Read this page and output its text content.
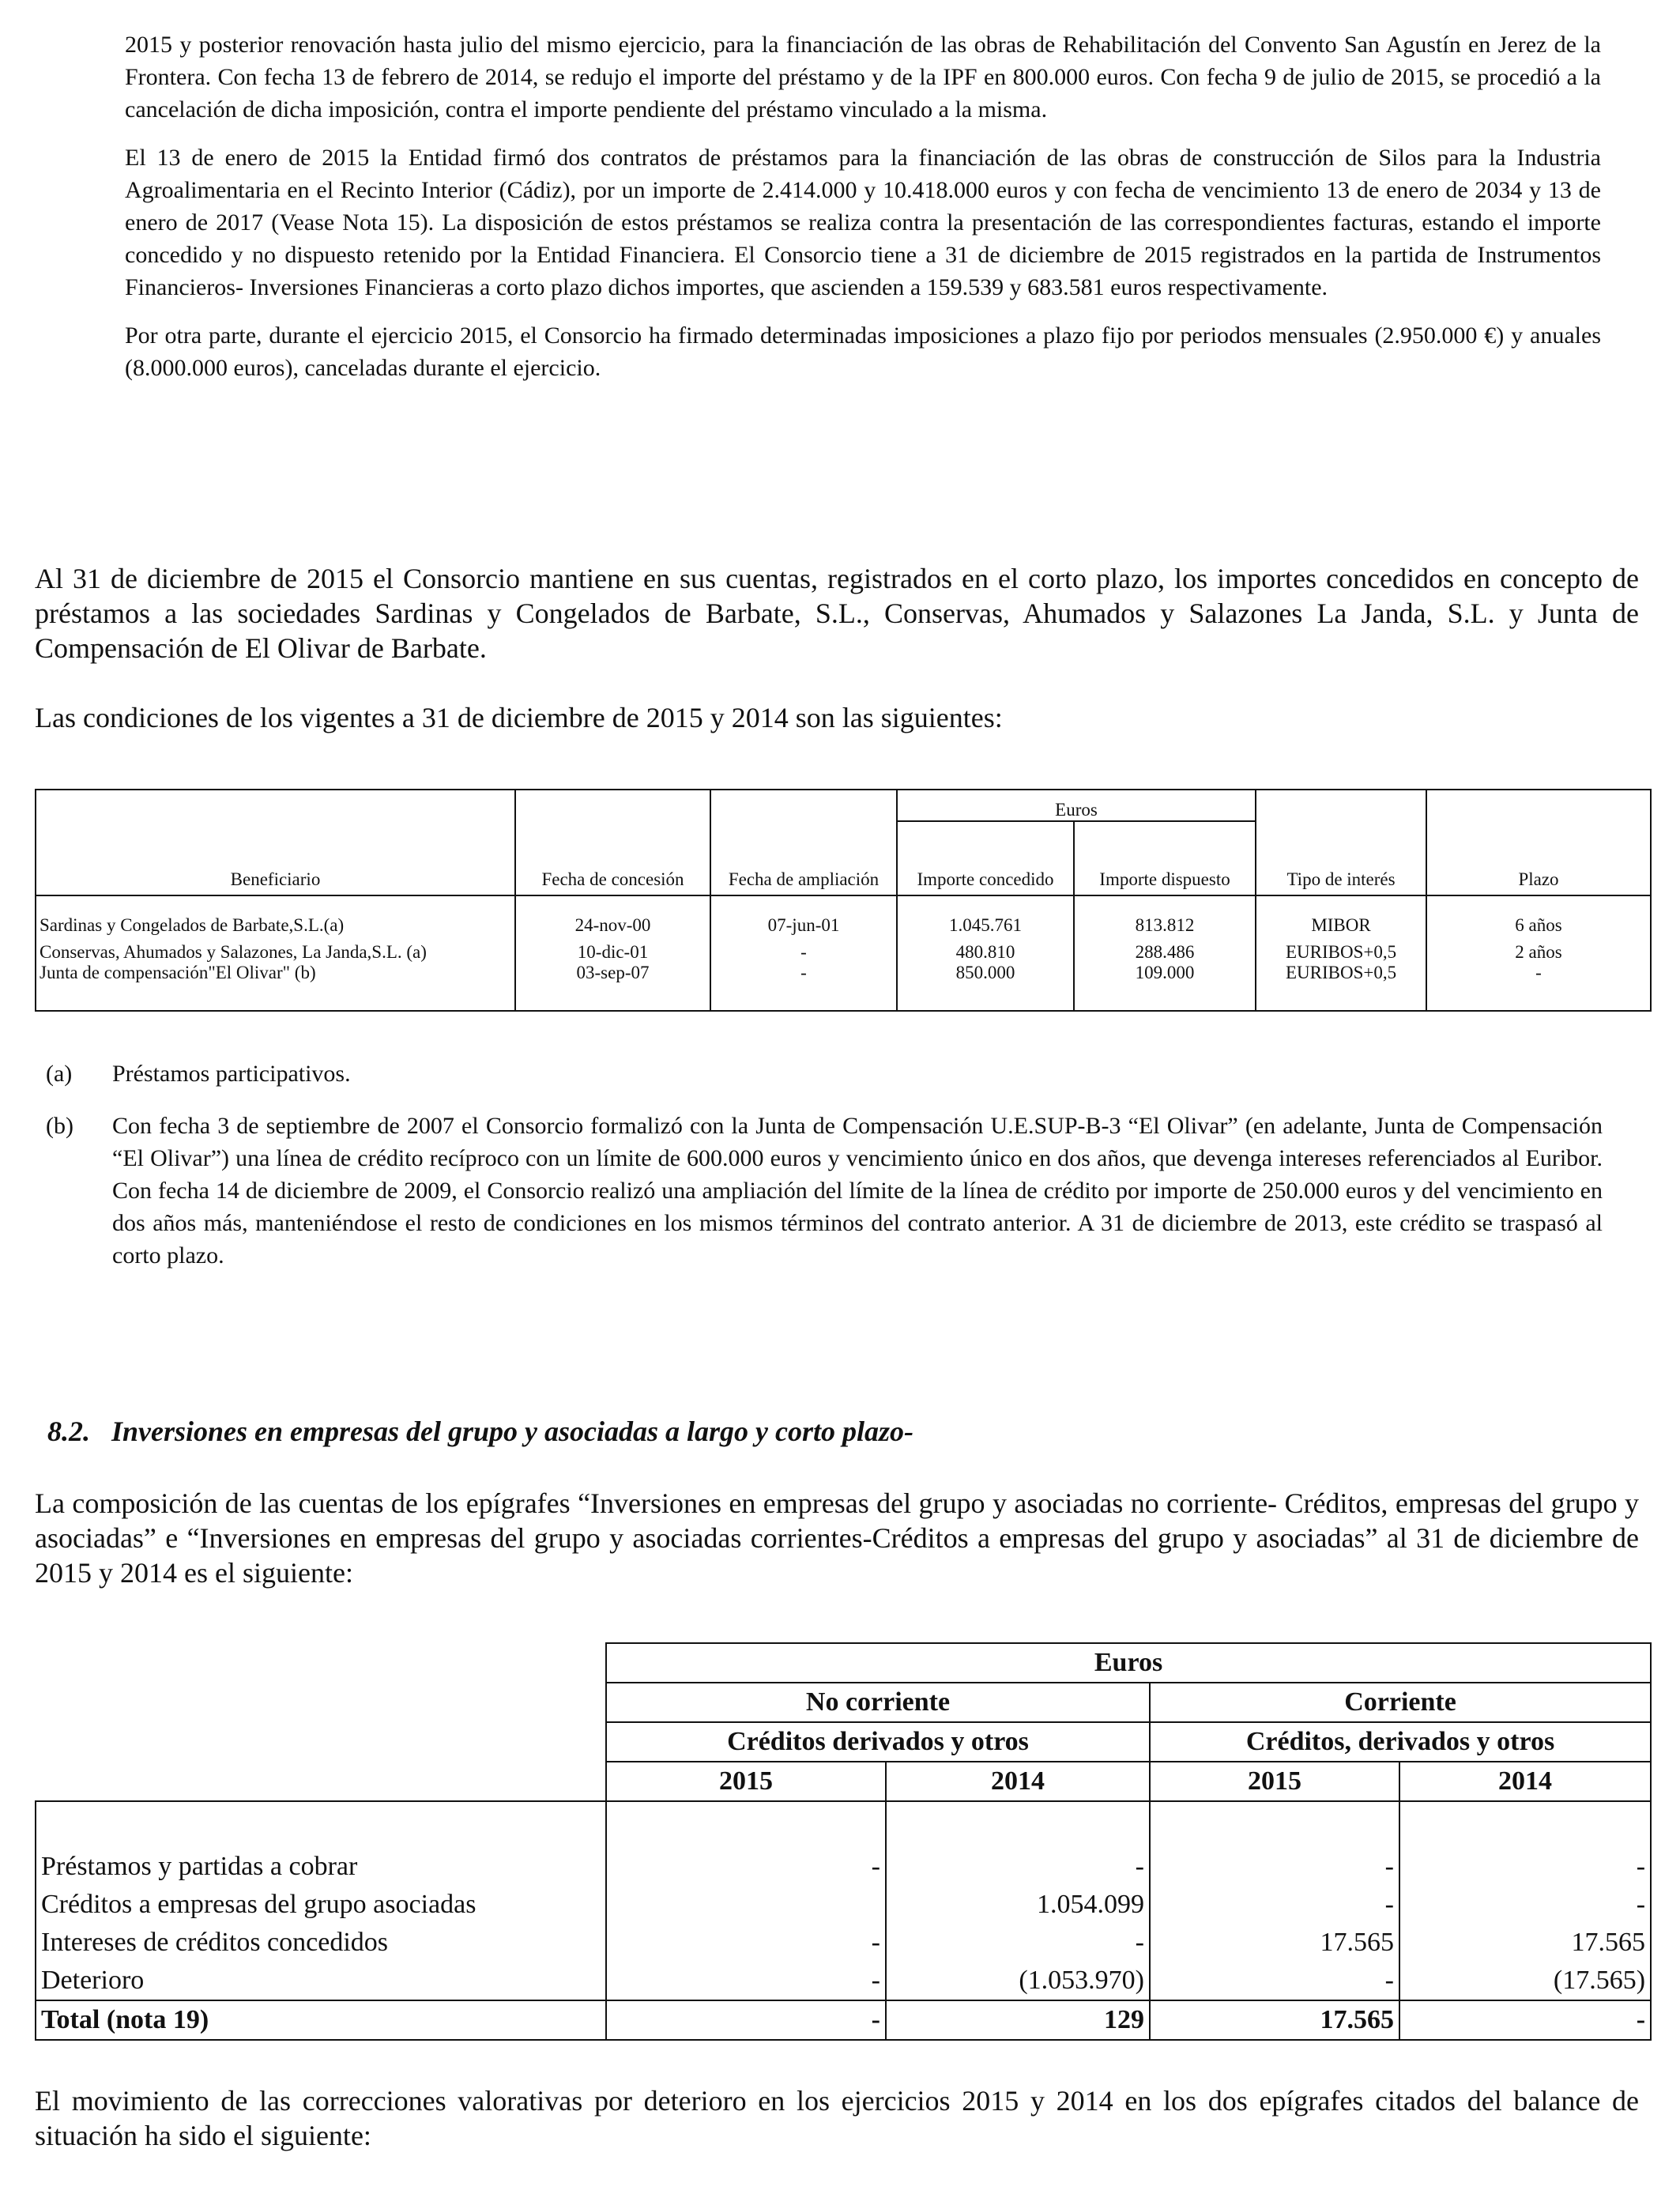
2015 y posterior renovación hasta julio del mismo ejercicio, para la financiación de las obras de Rehabilitación del Convento San Agustín en Jerez de la Frontera. Con fecha 13 de febrero de 2014, se redujo el importe del préstamo y de la IPF en 800.000 euros. Con fecha 9 de julio de 2015, se procedió a la cancelación de dicha imposición, contra el importe pendiente del préstamo vinculado a la misma.

El 13 de enero de 2015 la Entidad firmó dos contratos de préstamos para la financiación de las obras de construcción de Silos para la Industria Agroalimentaria en el Recinto Interior (Cádiz), por un importe de 2.414.000 y 10.418.000 euros y con fecha de vencimiento 13 de enero de 2034 y 13 de enero de 2017 (Vease Nota 15). La disposición de estos préstamos se realiza contra la presentación de las correspondientes facturas, estando el importe concedido y no dispuesto retenido por la Entidad Financiera. El Consorcio tiene a 31 de diciembre de 2015 registrados en la partida de Instrumentos Financieros- Inversiones Financieras a corto plazo dichos importes, que ascienden a 159.539 y 683.581 euros respectivamente.

Por otra parte, durante el ejercicio 2015, el Consorcio ha firmado determinadas imposiciones a plazo fijo por periodos mensuales (2.950.000 €) y anuales (8.000.000 euros), canceladas durante el ejercicio.

Al 31 de diciembre de 2015 el Consorcio mantiene en sus cuentas, registrados en el corto plazo, los importes concedidos en concepto de préstamos a las sociedades Sardinas y Congelados de Barbate, S.L., Conservas, Ahumados y Salazones La Janda, S.L. y Junta de Compensación de El Olivar de Barbate.

Las condiciones de los vigentes a 31 de diciembre de 2015 y 2014 son las siguientes:

Beneficiario	Fecha de concesión	Fecha de ampliación	Euros		Tipo de interés	Plazo
			Importe concedido	Importe dispuesto		
Sardinas y Congelados de Barbate,S.L.(a)	24-nov-00	07-jun-01	1.045.761	813.812	MIBOR	6 años
Conservas, Ahumados y Salazones, La Janda,S.L. (a)	10-dic-01	-	480.810	288.486	EURIBOS+0,5	2 años
Junta de compensación"El Olivar" (b)	03-sep-07	-	850.000	109.000	EURIBOS+0,5	-
(a) Préstamos participativos.

(b) Con fecha 3 de septiembre de 2007 el Consorcio formalizó con la Junta de Compensación U.E.SUP-B-3 “El Olivar” (en adelante, Junta de Compensación “El Olivar”) una línea de crédito recíproco con un límite de 600.000 euros y vencimiento único en dos años, que devenga intereses referenciados al Euribor. Con fecha 14 de diciembre de 2009, el Consorcio realizó una ampliación del límite de la línea de crédito por importe de 250.000 euros y del vencimiento en dos años más, manteniéndose el resto de condiciones en los mismos términos del contrato anterior. A 31 de diciembre de 2013, este crédito se traspasó al corto plazo.

8.2.   Inversiones en empresas del grupo y asociadas a largo y corto plazo-

La composición de las cuentas de los epígrafes “Inversiones en empresas del grupo y asociadas no corriente- Créditos, empresas del grupo y asociadas” e “Inversiones en empresas del grupo y asociadas corrientes-Créditos a empresas del grupo y asociadas” al 31 de diciembre de 2015 y 2014 es el siguiente:

	Euros			
	No corriente		Corriente	
	Créditos derivados y otros		Créditos, derivados y otros	
	2015	2014	2015	2014

Préstamos y partidas a cobrar	-	-	-	-
Créditos a empresas del grupo asociadas		1.054.099	-	-
Intereses de créditos concedidos	-	-	17.565	17.565
Deterioro	-	(1.053.970)	-	(17.565)
Total (nota 19)	-	129	17.565	-

El movimiento de las correcciones valorativas por deterioro en los ejercicios 2015 y 2014 en los dos epígrafes citados del balance de situación ha sido el siguiente:
